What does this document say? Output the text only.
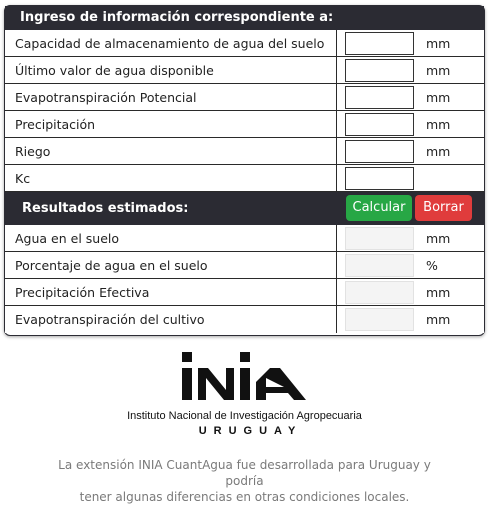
Ingreso de información correspondiente a:
Capacidad de almacenamiento de agua del suelo	mm
Último valor de agua disponible	mm
Evapotranspiración Potencial	mm
Precipitación	mm
Riego	mm
Kc
Resultados estimados:	Calcular	Borrar
Agua en el suelo	mm
Porcentaje de agua en el suelo	%
Precipitación Efectiva	mm
Evapotranspiración del cultivo	mm
Instituto Nacional de Investigación Agropecuaria
URUGUAY
La extensión INIA CuantAgua fue desarrollada para Uruguay y podría
tener algunas diferencias en otras condiciones locales.
